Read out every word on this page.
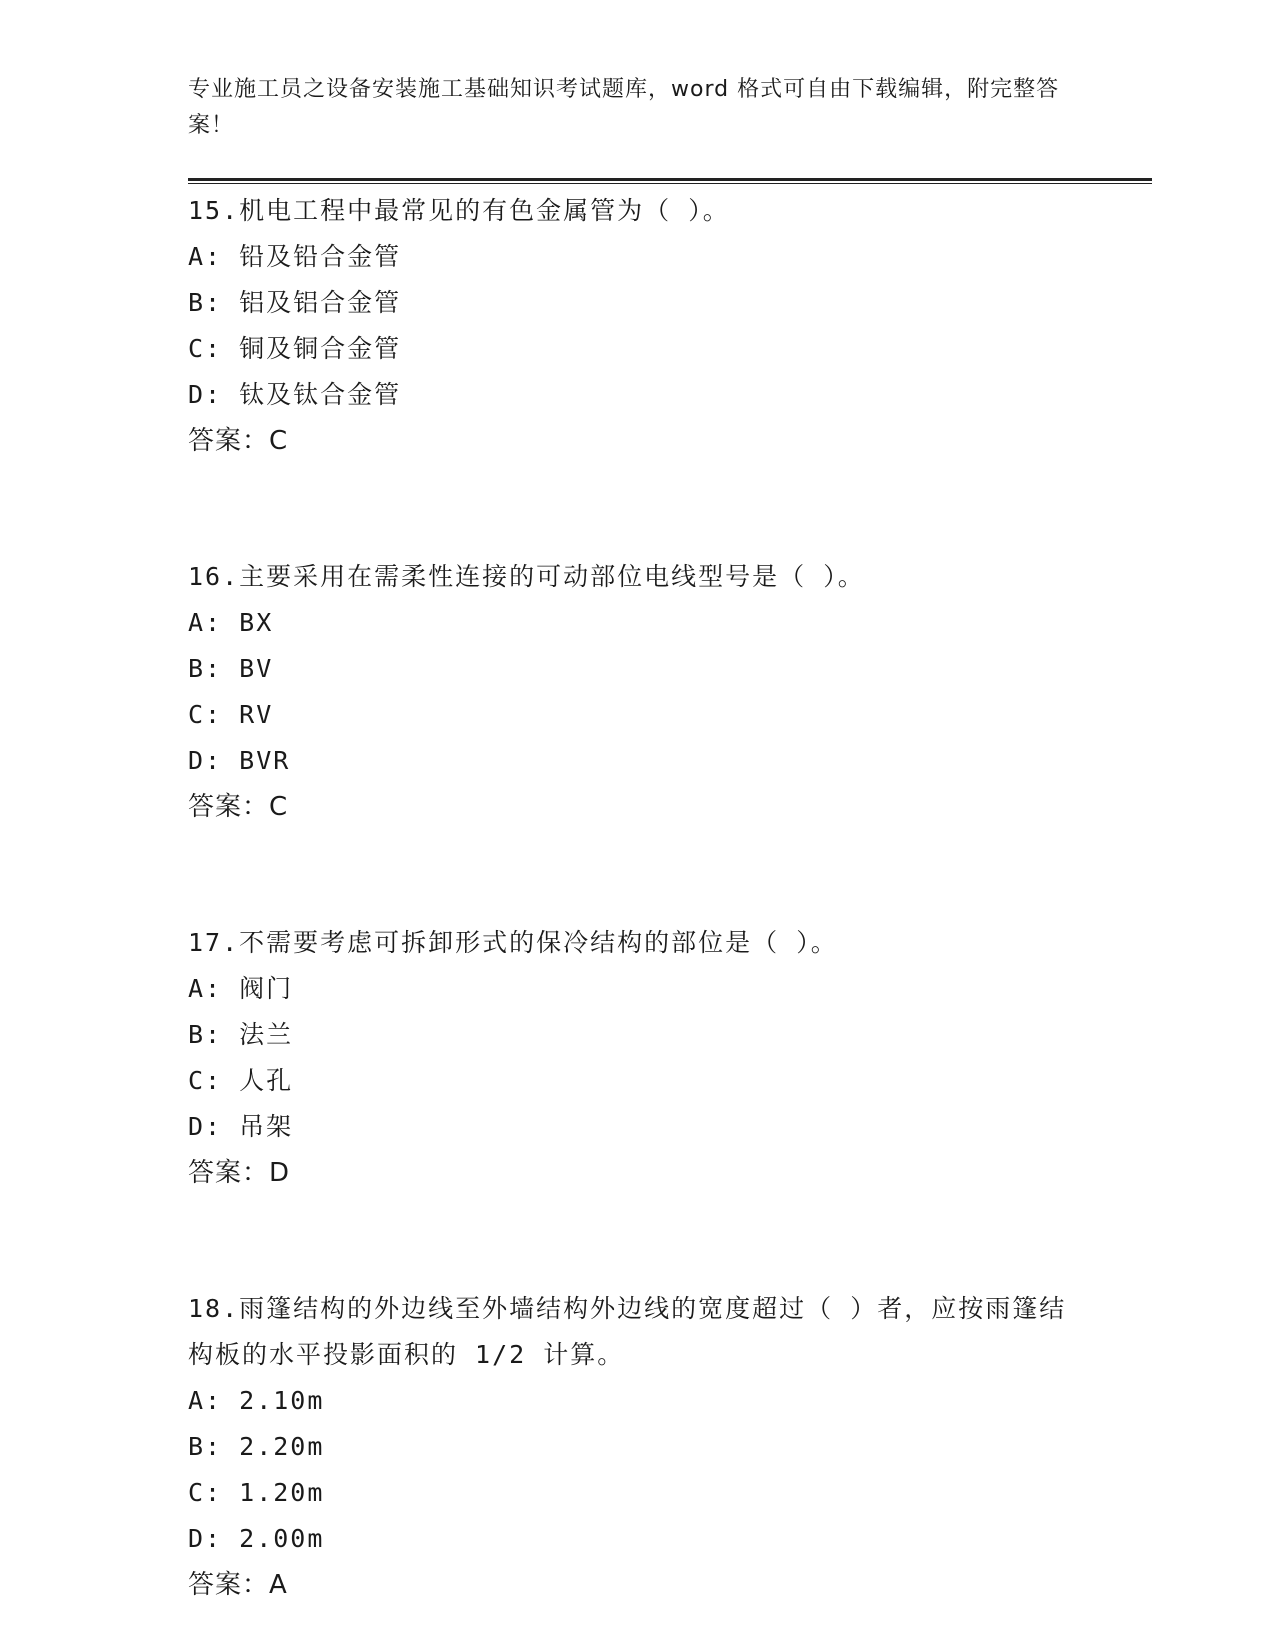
专业施工员之设备安装施工基础知识考试题库，word 格式可自由下载编辑，附完整答案！

15.机电工程中最常见的有色金属管为（ ）。

A: 铅及铅合金管
B: 铝及铝合金管
C: 铜及铜合金管
D: 钛及钛合金管

答案：C

16.主要采用在需柔性连接的可动部位电线型号是（ ）。

A: BX
B: BV
C: RV
D: BVR

答案：C

17.不需要考虑可拆卸形式的保冷结构的部位是（ ）。

A: 阀门
B: 法兰
C: 人孔
D: 吊架

答案：D

18.雨篷结构的外边线至外墙结构外边线的宽度超过（ ）者，应按雨篷结构板的水平投影面积的 1/2 计算。

A: 2.10m
B: 2.20m
C: 1.20m
D: 2.00m

答案：A
